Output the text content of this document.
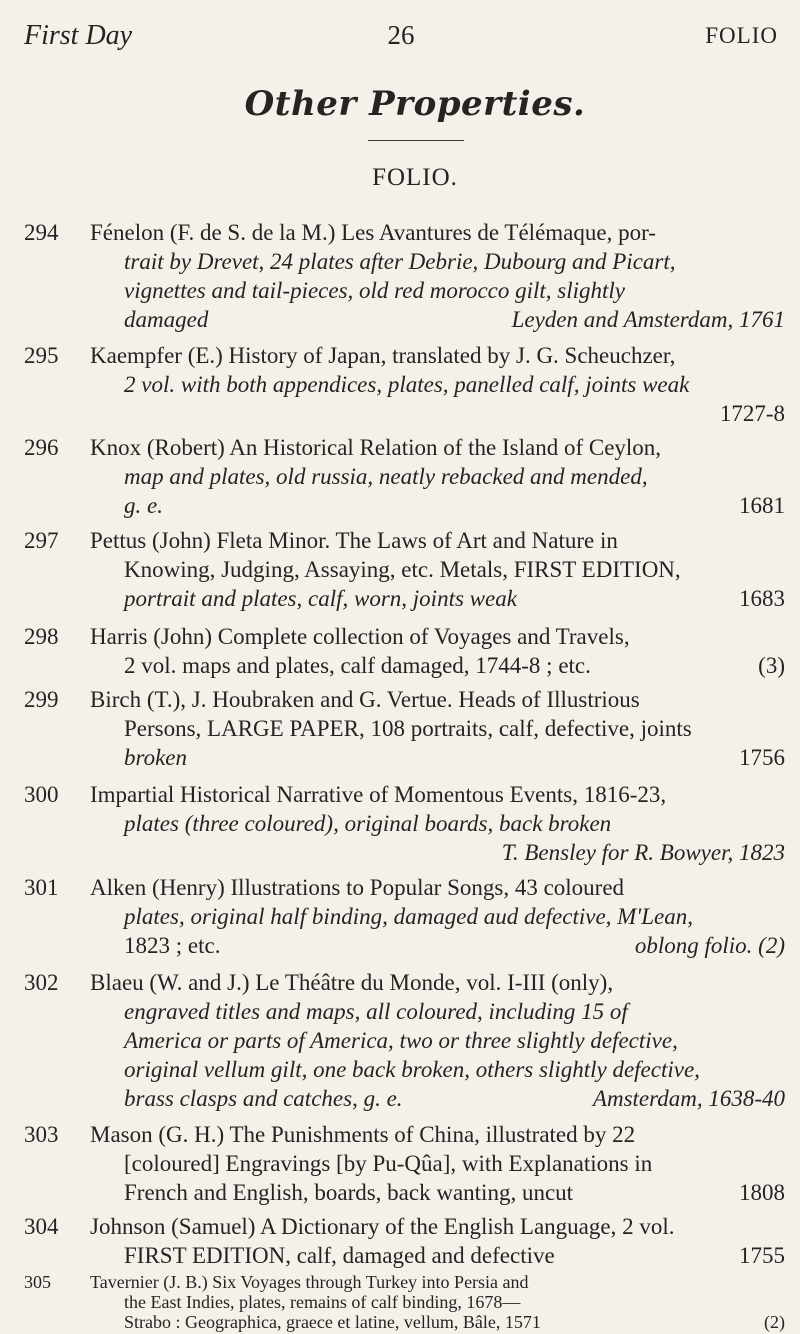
First Day	26	FOLIO
Other Properties.
FOLIO.
294 Fénelon (F. de S. de la M.) Les Avantures de Télémaque, por-
trait by Drevet, 24 plates after Debrie, Dubourg and Picart,
vignettes and tail-pieces, old red morocco gilt, slightly
damaged	Leyden and Amsterdam, 1761
295 Kaempfer (E.) History of Japan, translated by J. G. Scheuchzer,
2 vol. with both appendices, plates, panelled calf, joints weak
1727-8
296 Knox (Robert) An Historical Relation of the Island of Ceylon,
map and plates, old russia, neatly rebacked and mended,
g. e.	1681
297 Pettus (John) Fleta Minor. The Laws of Art and Nature in
Knowing, Judging, Assaying, etc. Metals, FIRST EDITION,
portrait and plates, calf, worn, joints weak	1683
298 Harris (John) Complete collection of Voyages and Travels,
2 vol. maps and plates, calf damaged, 1744-8 ; etc.	(3)
299 Birch (T.), J. Houbraken and G. Vertue. Heads of Illustrious
Persons, LARGE PAPER, 108 portraits, calf, defective, joints
broken	1756
300 Impartial Historical Narrative of Momentous Events, 1816-23,
plates (three coloured), original boards, back broken
T. Bensley for R. Bowyer, 1823
301 Alken (Henry) Illustrations to Popular Songs, 43 coloured
plates, original half binding, damaged aud defective, M'Lean,
1823 ; etc.	oblong folio. (2)
302 Blaeu (W. and J.) Le Théâtre du Monde, vol. I-III (only),
engraved titles and maps, all coloured, including 15 of
America or parts of America, two or three slightly defective,
original vellum gilt, one back broken, others slightly defective,
brass clasps and catches, g. e.	Amsterdam, 1638-40
303 Mason (G. H.) The Punishments of China, illustrated by 22
[coloured] Engravings [by Pu-Qûa], with Explanations in
French and English, boards, back wanting, uncut	1808
304 Johnson (Samuel) A Dictionary of the English Language, 2 vol.
FIRST EDITION, calf, damaged and defective	1755
305 Tavernier (J. B.) Six Voyages through Turkey into Persia and
the East Indies, plates, remains of calf binding, 1678—
Strabo : Geographica, graece et latine, vellum, Bâle, 1571	(2)
